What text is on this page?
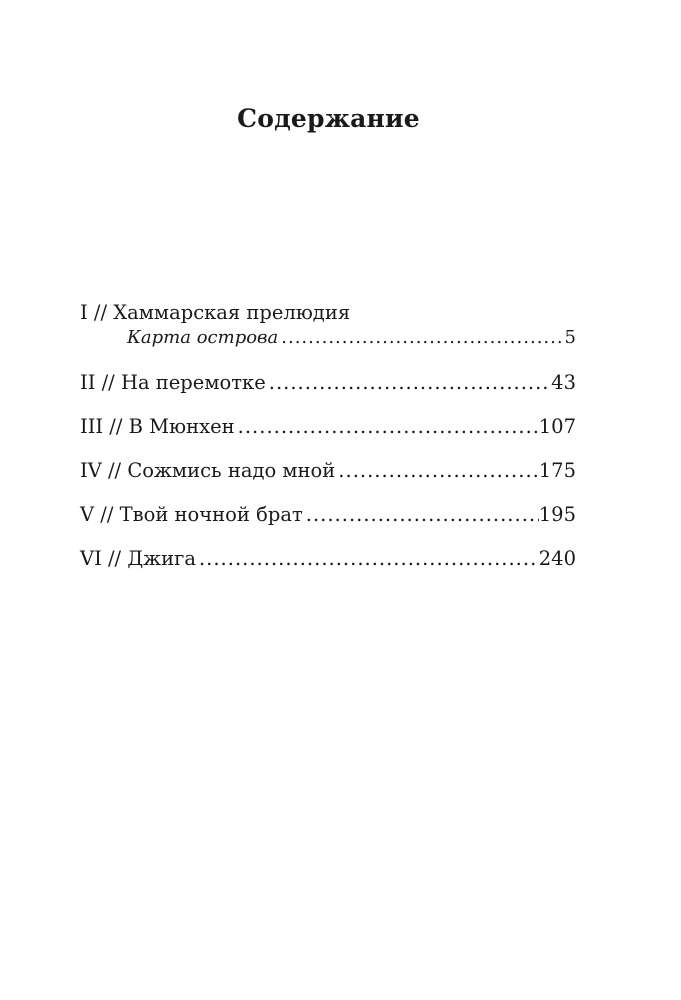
Содержание
I // Хаммарская прелюдия
Карта острова .....	5
II // На перемотке .....	43
III // В Мюнхен .....	107
IV // Сожмись надо мной .....	175
V // Твой ночной брат .....	195
VI // Джига .....	240
